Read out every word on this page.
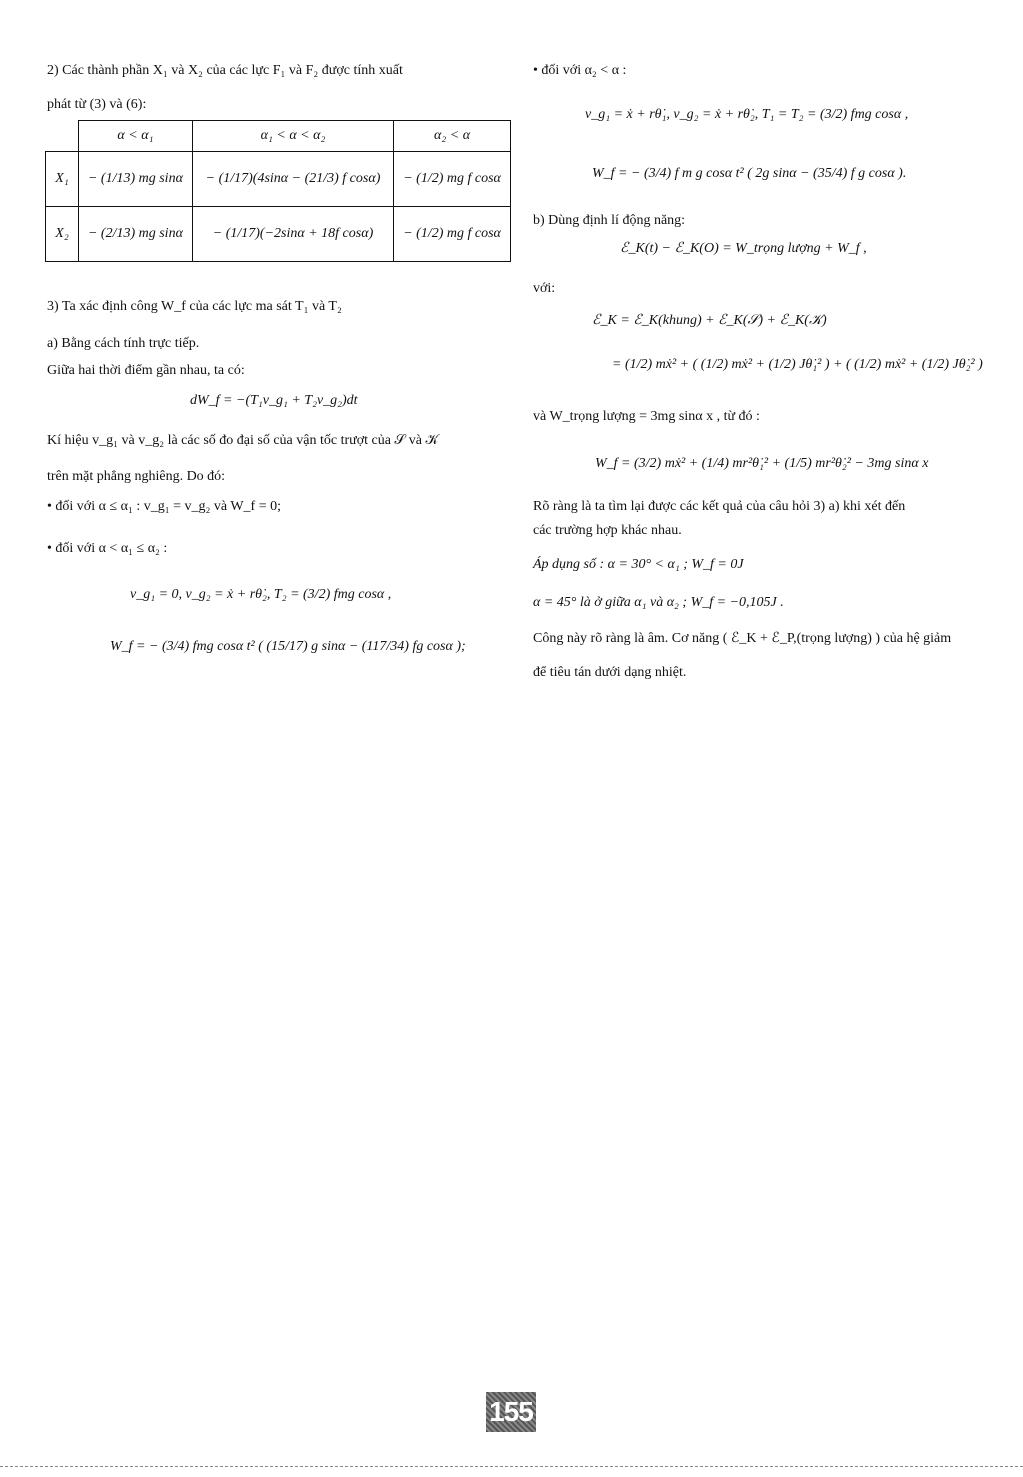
2) Các thành phần X₁ và X₂ của các lực F₁ và F₂ được tính xuất
phát từ (3) và (6):
	α < α₁	α₁ < α < α₂	α₂ < α
X₁	− (1/13) mg sinα	− (1/17)(4sinα − (21/3) f cosα)	− (1/2) mg f cosα
X₂	− (2/13) mg sinα	− (1/17)(−2sinα + 18f cosα)	− (1/2) mg f cosα
3) Ta xác định công W_f của các lực ma sát T₁ và T₂
a) Bằng cách tính trực tiếp.
Giữa hai thời điểm gần nhau, ta có:
dW_f = −(T₁v_g₁ + T₂v_g₂)dt
Kí hiệu v_g₁ và v_g₂ là các số đo đại số của vận tốc trượt của 𝒮 và 𝒦
trên mặt phẳng nghiêng. Do đó:
• đối với α ≤ α₁ : v_g₁ = v_g₂ và W_f = 0;
• đối với α < α₁ ≤ α₂ :
v_g₁ = 0, v_g₂ = ẋ + rθ̇₂, T₂ = (3/2) fmg cosα ,
W_f = − (3/4) fmg cosα t² ( (15/17) g sinα − (117/34) fg cosα );
• đối với α₂ < α :
v_g₁ = ẋ + rθ̇₁, v_g₂ = ẋ + rθ̇₂, T₁ = T₂ = (3/2) fmg cosα ,
W_f = − (3/4) f m g cosα t² ( 2g sinα − (35/4) f g cosα ).
b) Dùng định lí động năng:
ℰ_K(t) − ℰ_K(O) = W_trọng lượng + W_f ,
với:
ℰ_K = ℰ_K(khung) + ℰ_K(𝒮) + ℰ_K(𝒦)
= (1/2) mẋ² + ( (1/2) mẋ² + (1/2) Jθ̇₁² ) + ( (1/2) mẋ² + (1/2) Jθ̇₂² )
và W_trọng lượng = 3mg sinα x , từ đó :
W_f = (3/2) mẋ² + (1/4) mr²θ̇₁² + (1/5) mr²θ̇₂² − 3mg sinα x
Rõ ràng là ta tìm lại được các kết quả của câu hỏi 3) a) khi xét đến
các trường hợp khác nhau.
Áp dụng số : α = 30° < α₁ ; W_f = 0J
α = 45° là ở giữa α₁ và α₂ ; W_f = −0,105J .
Công này rõ ràng là âm. Cơ năng ( ℰ_K + ℰ_P,(trọng lượng) ) của hệ giảm
để tiêu tán dưới dạng nhiệt.
155
